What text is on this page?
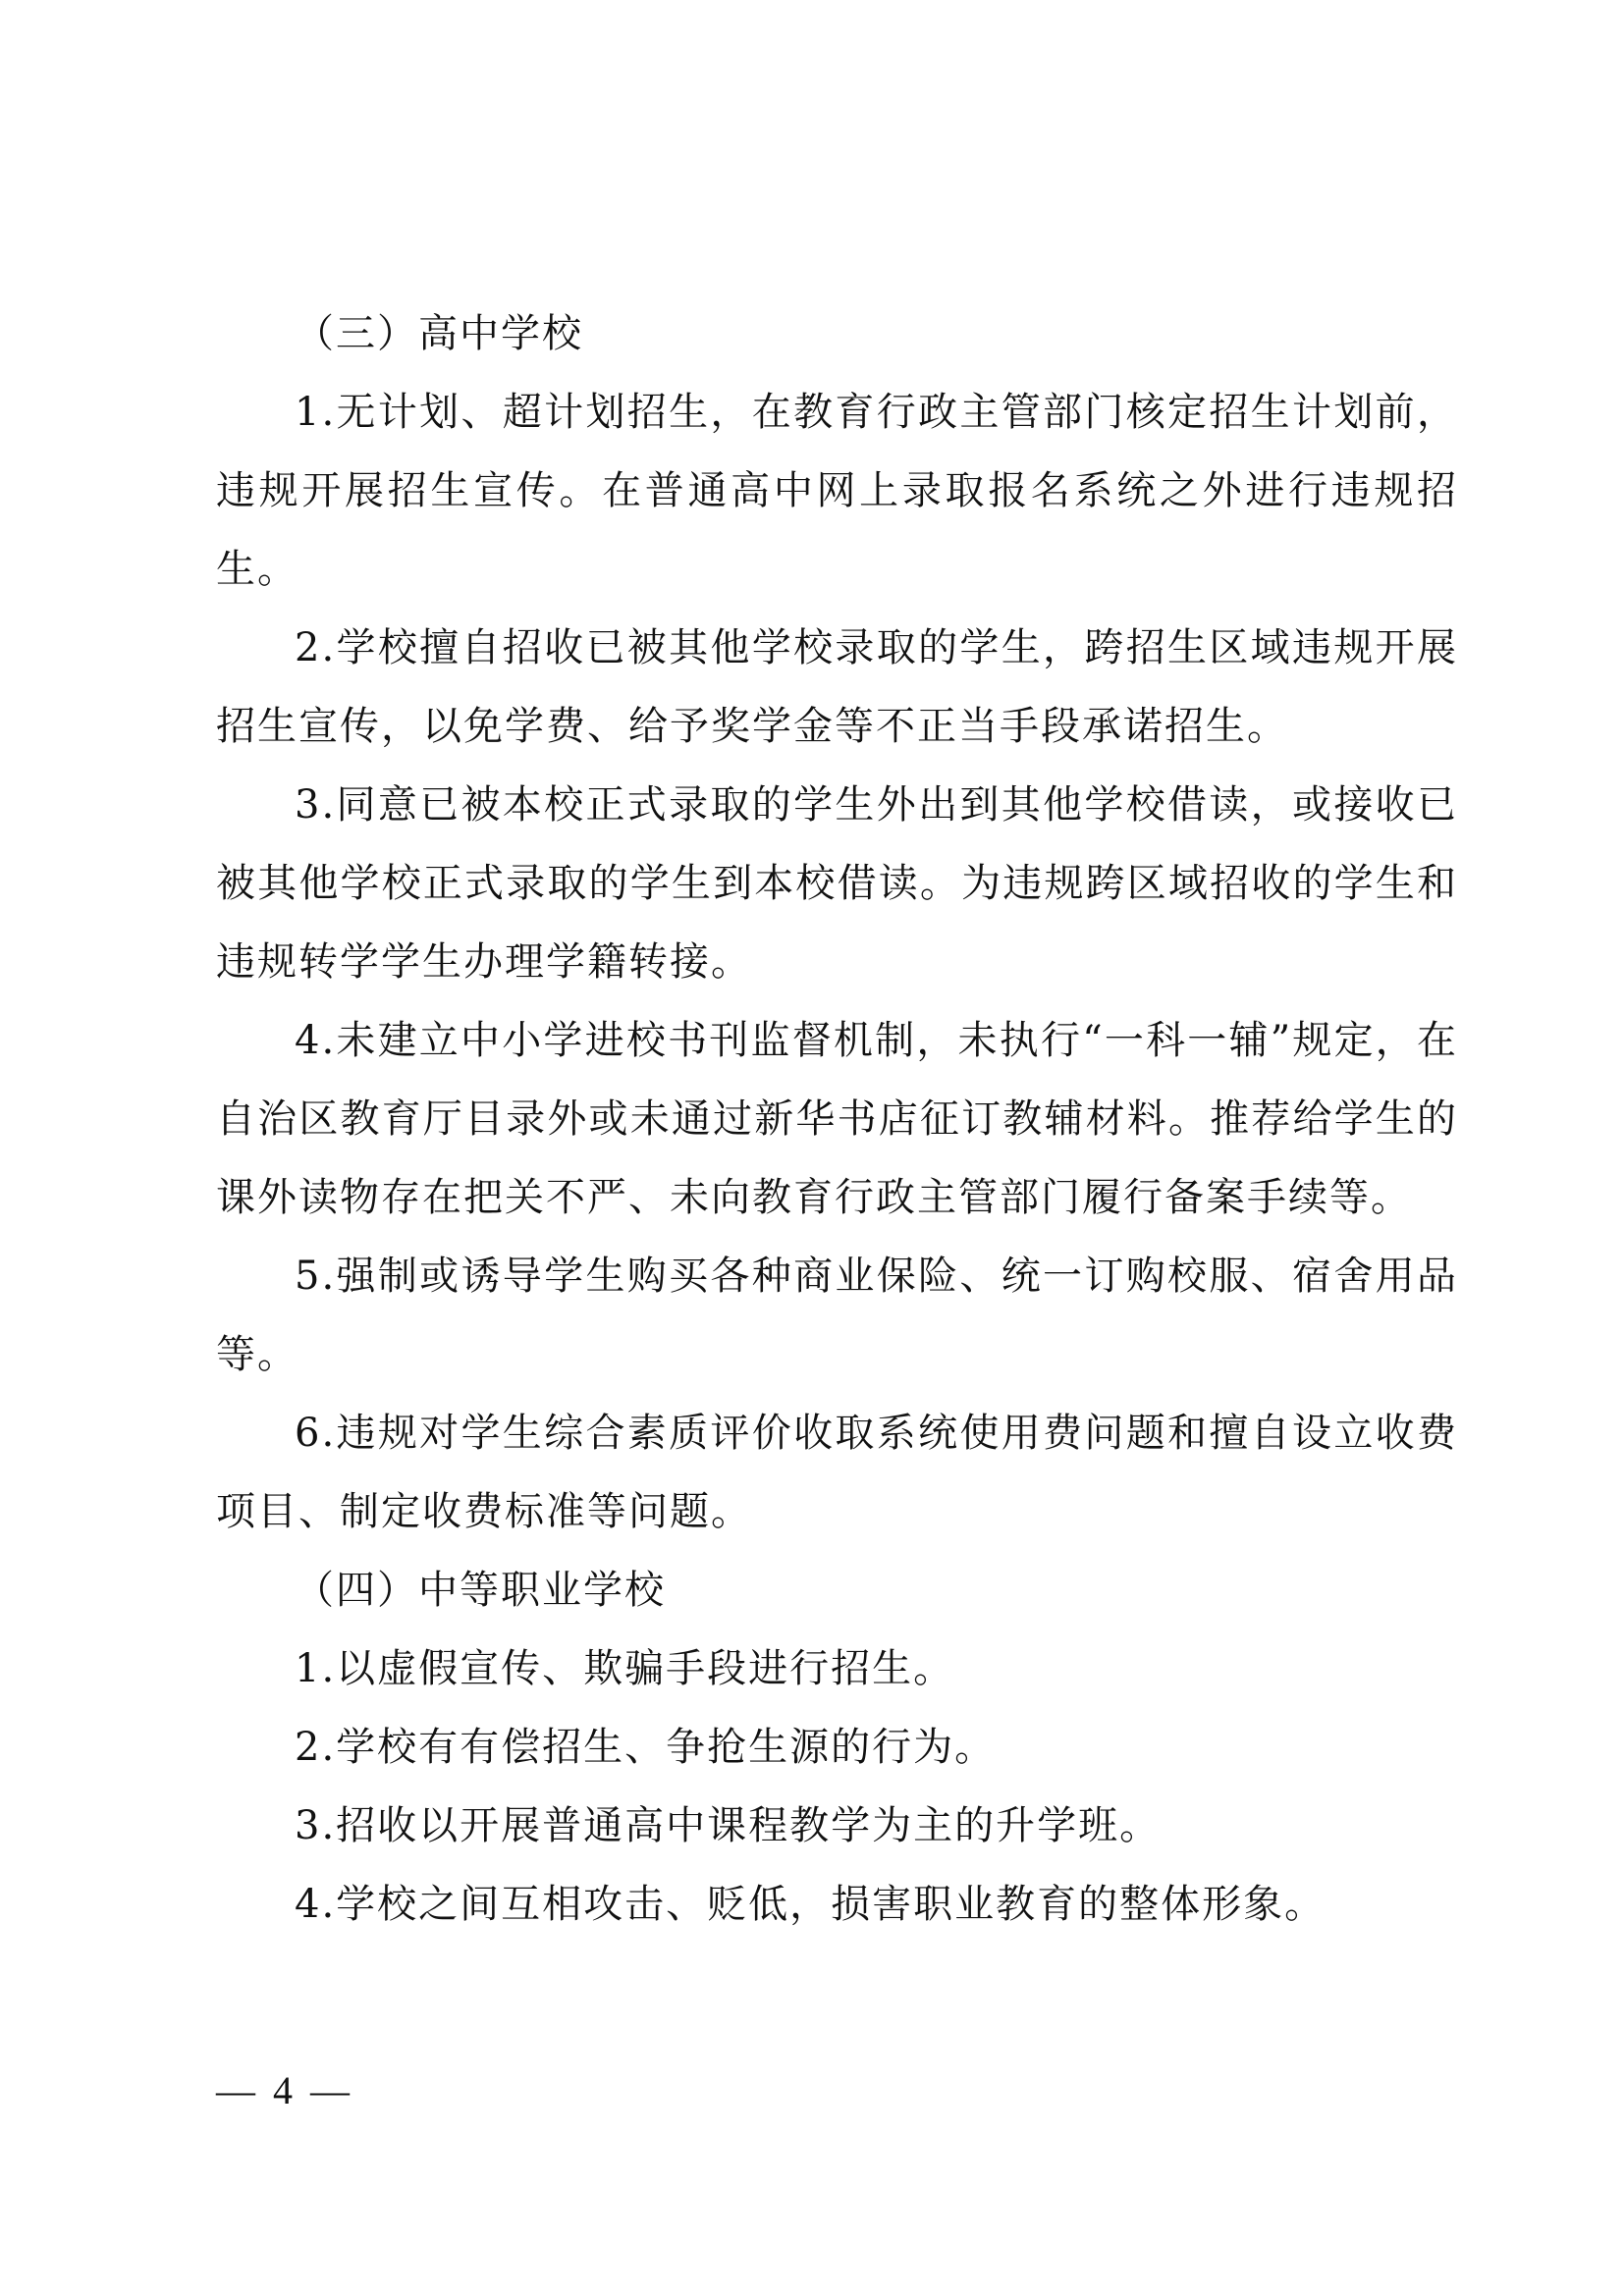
（三）高中学校

1.无计划、超计划招生，在教育行政主管部门核定招生计划前，违规开展招生宣传。在普通高中网上录取报名系统之外进行违规招生。

2.学校擅自招收已被其他学校录取的学生，跨招生区域违规开展招生宣传，以免学费、给予奖学金等不正当手段承诺招生。

3.同意已被本校正式录取的学生外出到其他学校借读，或接收已被其他学校正式录取的学生到本校借读。为违规跨区域招收的学生和违规转学学生办理学籍转接。

4.未建立中小学进校书刊监督机制，未执行“一科一辅”规定，在自治区教育厅目录外或未通过新华书店征订教辅材料。推荐给学生的课外读物存在把关不严、未向教育行政主管部门履行备案手续等。

5.强制或诱导学生购买各种商业保险、统一订购校服、宿舍用品等。

6.违规对学生综合素质评价收取系统使用费问题和擅自设立收费项目、制定收费标准等问题。

（四）中等职业学校

1.以虚假宣传、欺骗手段进行招生。

2.学校有有偿招生、争抢生源的行为。

3.招收以开展普通高中课程教学为主的升学班。

4.学校之间互相攻击、贬低，损害职业教育的整体形象。

— 4 —
